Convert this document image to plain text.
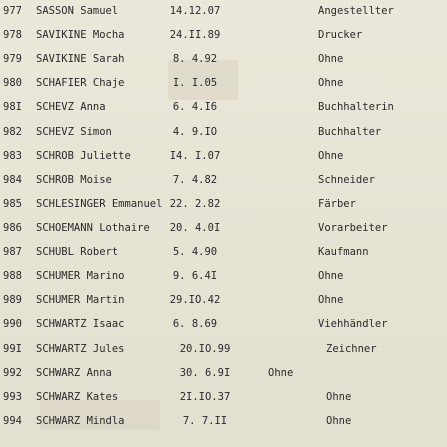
977	SASSON Samuel	14.12.07	Angestellter
978	SAVIKINE Mocha	24.II.89	Drucker
979	SAVIKINE Sarah	8. 4.92	Ohne
980	SCHAFIER Chaje	I. I.05	Ohne
98I	SCHEVZ Anna	6. 4.I6	Buchhalterin
982	SCHEVZ Simon	4. 9.IO	Buchhalter
983	SCHROB Juliette	I4. I.07	Ohne
984	SCHROB Moise	7. 4.82	Schneider
985	SCHLESINGER Emmanuel 22. 2.82	Färber
986	SCHOEMANN Lothaire	20. 4.0I	Vorarbeiter
987	SCHUBL Robert	5. 4.90	Kaufmann
988	SCHUMER Marino	9. 6.4I	Ohne
989	SCHUMER Martin	29.IO.42	Ohne
990	SCHWARTZ Isaac	6. 8.69	Viehhändler
99I	SCHWARTZ Jules	20.IO.99	Zeichner
992	SCHWARZ Anna	30. 6.9I	Ohne
993	SCHWARZ Kates	2I.IO.37	Ohne
994	SCHWARZ Mindla	7. 7.II	Ohne
